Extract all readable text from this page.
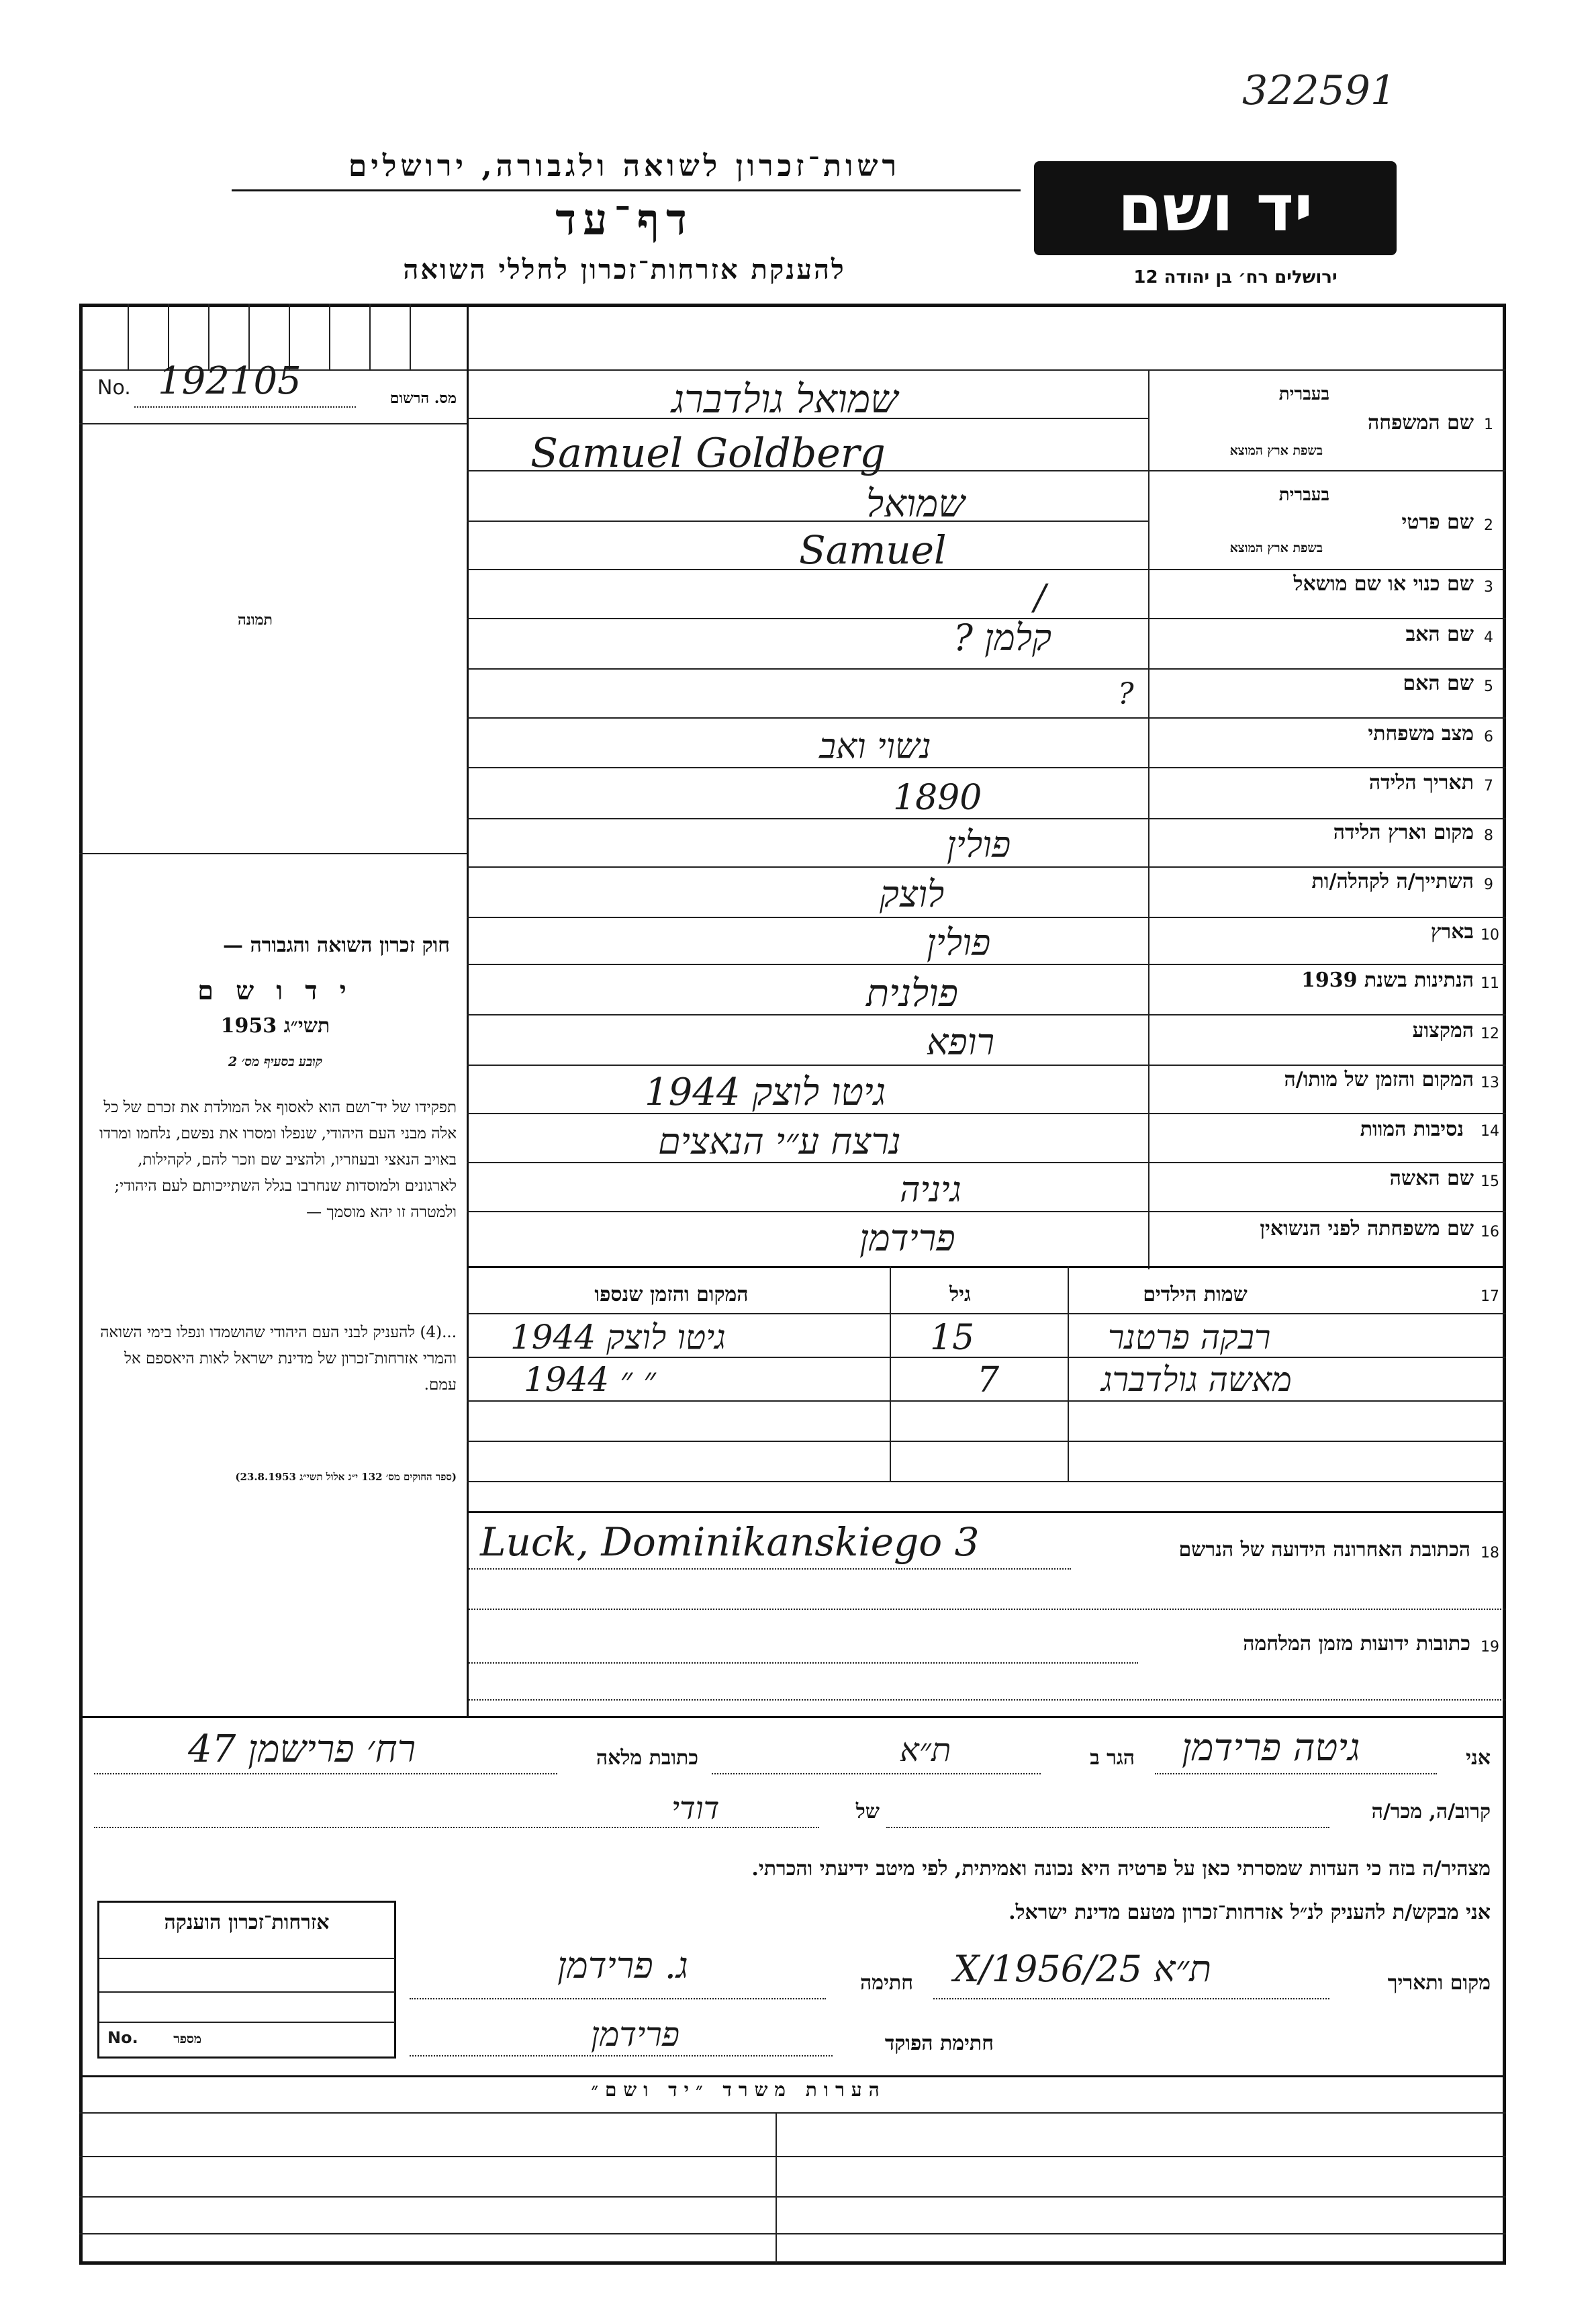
322591
רשות־זכרון לשואה ולגבורה, ירושלים
דף־עד
להענקת אזרחות־זכרון לחללי השואה
יד ושם
ירושלים רח׳ בן יהודה 12
No. 192105	מס. הרשום
תמונה
חוק זכרון השואה והגבורה —
י ד ו ש ם
תשי״ג 1953
קובע בסעיף מס׳ 2
תפקידו של יד־ושם הוא לאסוף אל המולדת את זכרם של כל אלה מבני העם היהודי, שנפלו ומסרו את נפשם, נלחמו ומרדו באויב הנאצי ובעוזריו, ולהציב שם וזכר להם, לקהילות, לארגונים ולמוסדות שנחרבו בגלל השתייכותם לעם היהודי; ולמטרה זו יהא מוסמך —
...(4) להעניק לבני העם היהודי שהושמדו ונפלו בימי השואה והמרי אזרחות־זכרון של מדינת ישראל לאות היאספם אל עמם.
(ספר החוקים מס׳ 132 י״ג אלול תשי״ג 23.8.1953)
1
שם המשפחה
בעברית
בשפת ארץ המוצא
שמואל גולדברג
Samuel Goldberg
2
שם פרטי
בעברית
בשפת ארץ המוצא
שמואל
Samuel
3
שם כנוי או שם מושאל
/
4
שם האב
קלמן ?
5
שם האם
?
6
מצב משפחתי
נשוי ואב
7
תאריך הלידה
1890
8
מקום וארץ הלידה
פולין
9
השתייך/ה לקהלה/ות
לוצק
10
בארץ
פולין
11
הנתינות בשנת 1939
פולנית
12
המקצוע
רופא
13
המקום והזמן של מותו/ה
גיטו לוצק 1944
14
נסיבות המוות
נרצח ע״י הנאצים
15
שם האשה
גיניה
16
שם משפחתה לפני הנשואין
פרידמן
17
שמות הילדים
גיל
המקום והזמן שנספו
רבקה פרטנר
15
גיטו לוצק 1944
מאשה גולדברג
7
״ ״ 1944
18
הכתובת האחרונה הידועה של הנרשם
Luck, Dominikanskiego 3
19
כתובות ידועות מזמן המלחמה
אני
גיטה פרידמן
הגר ב
ת״א
כתובת מלאה
רח׳ פרישמן 47
קרוב/ה, מכר/ה
של
דודי
מצהיר/ה בזה כי העדות שמסרתי כאן על פרטיה היא נכונה ואמיתית, לפי מיטב ידיעתי והכרתי.
אני מבקש/ת להעניק לנ״ל אזרחות־זכרון מטעם מדינת ישראל.
מקום ותאריך
ת״א 25/X/1956
חתימה
ג. פרידמן
חתימת הפוקד
פרידמן
אזרחות־זכרון הוענקה
No.	מספר
הערות משרד ״יד ושם״
